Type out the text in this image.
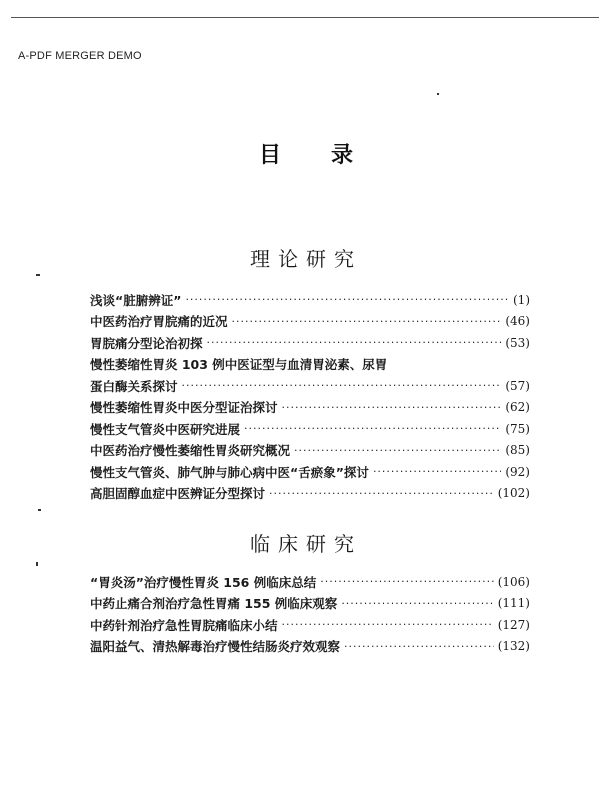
A-PDF MERGER DEMO
目 录
理论研究
浅谈“脏腑辨证” ·····	(1)
中医药治疗胃脘痛的近况 ·····	(46)
胃脘痛分型论治初探 ·····	(53)
慢性萎缩性胃炎 103 例中医证型与血清胃泌素、尿胃
蛋白酶关系探讨 ·····	(57)
慢性萎缩性胃炎中医分型证治探讨 ·····	(62)
慢性支气管炎中医研究进展 ·····	(75)
中医药治疗慢性萎缩性胃炎研究概况 ·····	(85)
慢性支气管炎、肺气肿与肺心病中医“舌瘀象”探讨 ·····	(92)
高胆固醇血症中医辨证分型探讨 ·····	(102)
临床研究
“胃炎汤”治疗慢性胃炎 156 例临床总结 ·····	(106)
中药止痛合剂治疗急性胃痛 155 例临床观察 ·····	(111)
中药针剂治疗急性胃脘痛临床小结 ·····	(127)
温阳益气、清热解毒治疗慢性结肠炎疗效观察 ·····	(132)
